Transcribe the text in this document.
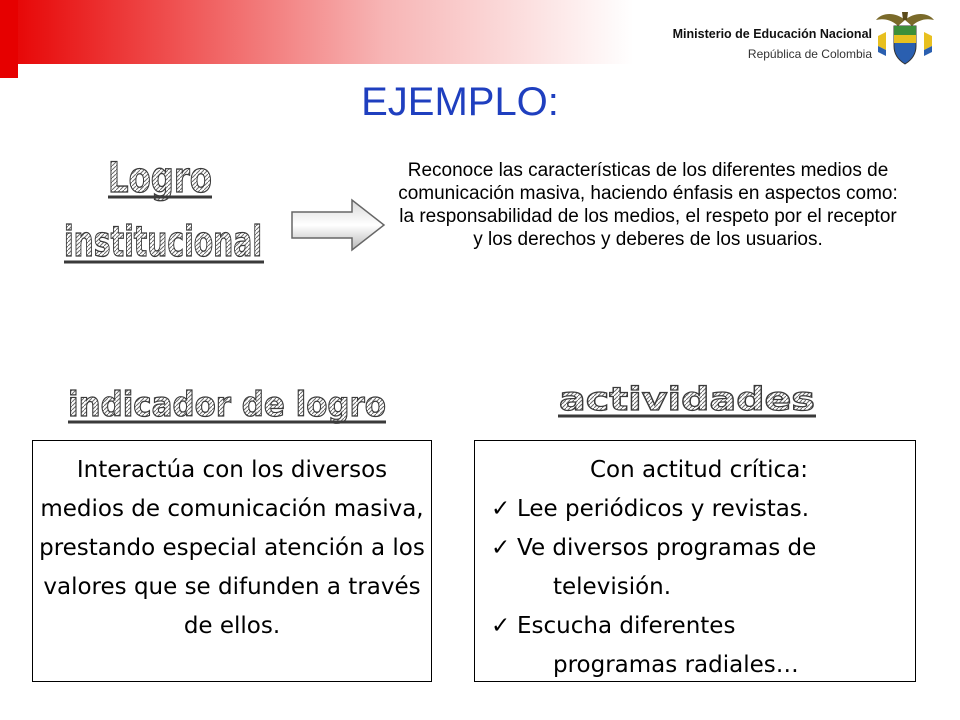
Ministerio de Educación Nacional
República de Colombia
EJEMPLO:
Logro
institucional
Reconoce las características de los diferentes medios de comunicación masiva, haciendo énfasis en aspectos como: la responsabilidad de los medios, el respeto por el receptor y los derechos y deberes de los usuarios.
indicador de logro	actividades
Interactúa con los diversos medios de comunicación masiva, prestando especial atención a los valores que se difunden a través de ellos.
Con actitud crítica:
✓ Lee periódicos y revistas.
✓ Ve diversos programas de
televisión.
✓ Escucha diferentes
programas radiales…
